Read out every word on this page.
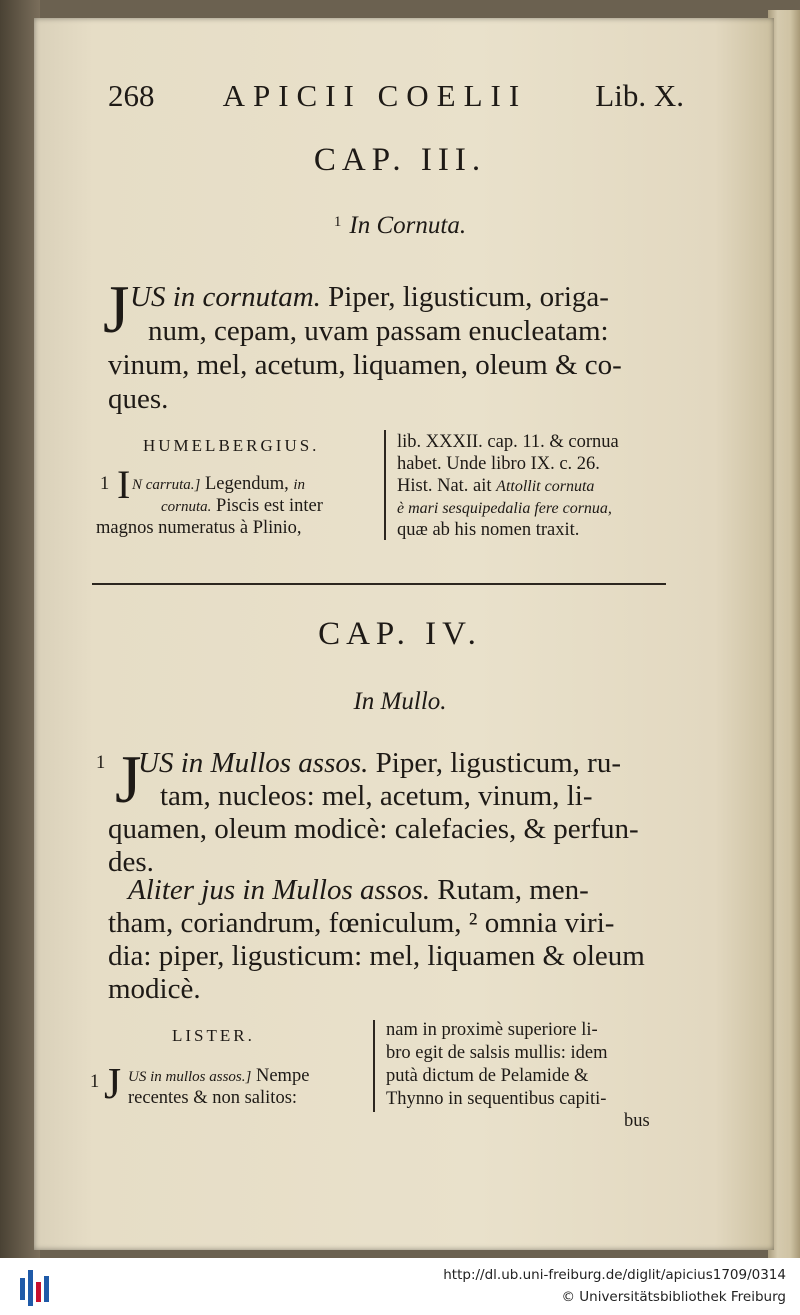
268 APICII COELII Lib. X.
CAP. III.
$^1$ In Cornuta.
J US in cornutam. Piper, ligusticum, origa-
num, cepam, uvam passam enucleatam:
vinum, mel, acetum, liquamen, oleum & co-
ques.
HUMELBERGIUS.
1 I N carruta.] Legendum, in
cornuta. Piscis est inter
magnos numeratus à Plinio,
lib. XXXII. cap. 11. & cornua
habet. Unde libro IX. c. 26.
Hist. Nat. ait Attollit cornuta
è mari sesquipedalia fere cornua,
quæ ab his nomen traxit.
CAP. IV.
In Mullo.
1 J
US in Mullos assos. Piper, ligusticum, ru-
tam, nucleos: mel, acetum, vinum, li-
quamen, oleum modicè: calefacies, & perfun-
des.
Aliter jus in Mullos assos. Rutam, men-
tham, coriandrum, fœniculum, ² omnia viri-
dia: piper, ligusticum: mel, liquamen & oleum
modicè.
LISTER.
1 J US in mullos assos.] Nempe
recentes & non salitos:
nam in proximè superiore li-
bro egit de salsis mullis: idem
putà dictum de Pelamide &
Thynno in sequentibus capiti-
bus
http://dl.ub.uni-freiburg.de/diglit/apicius1709/0314
© Universitätsbibliothek Freiburg
